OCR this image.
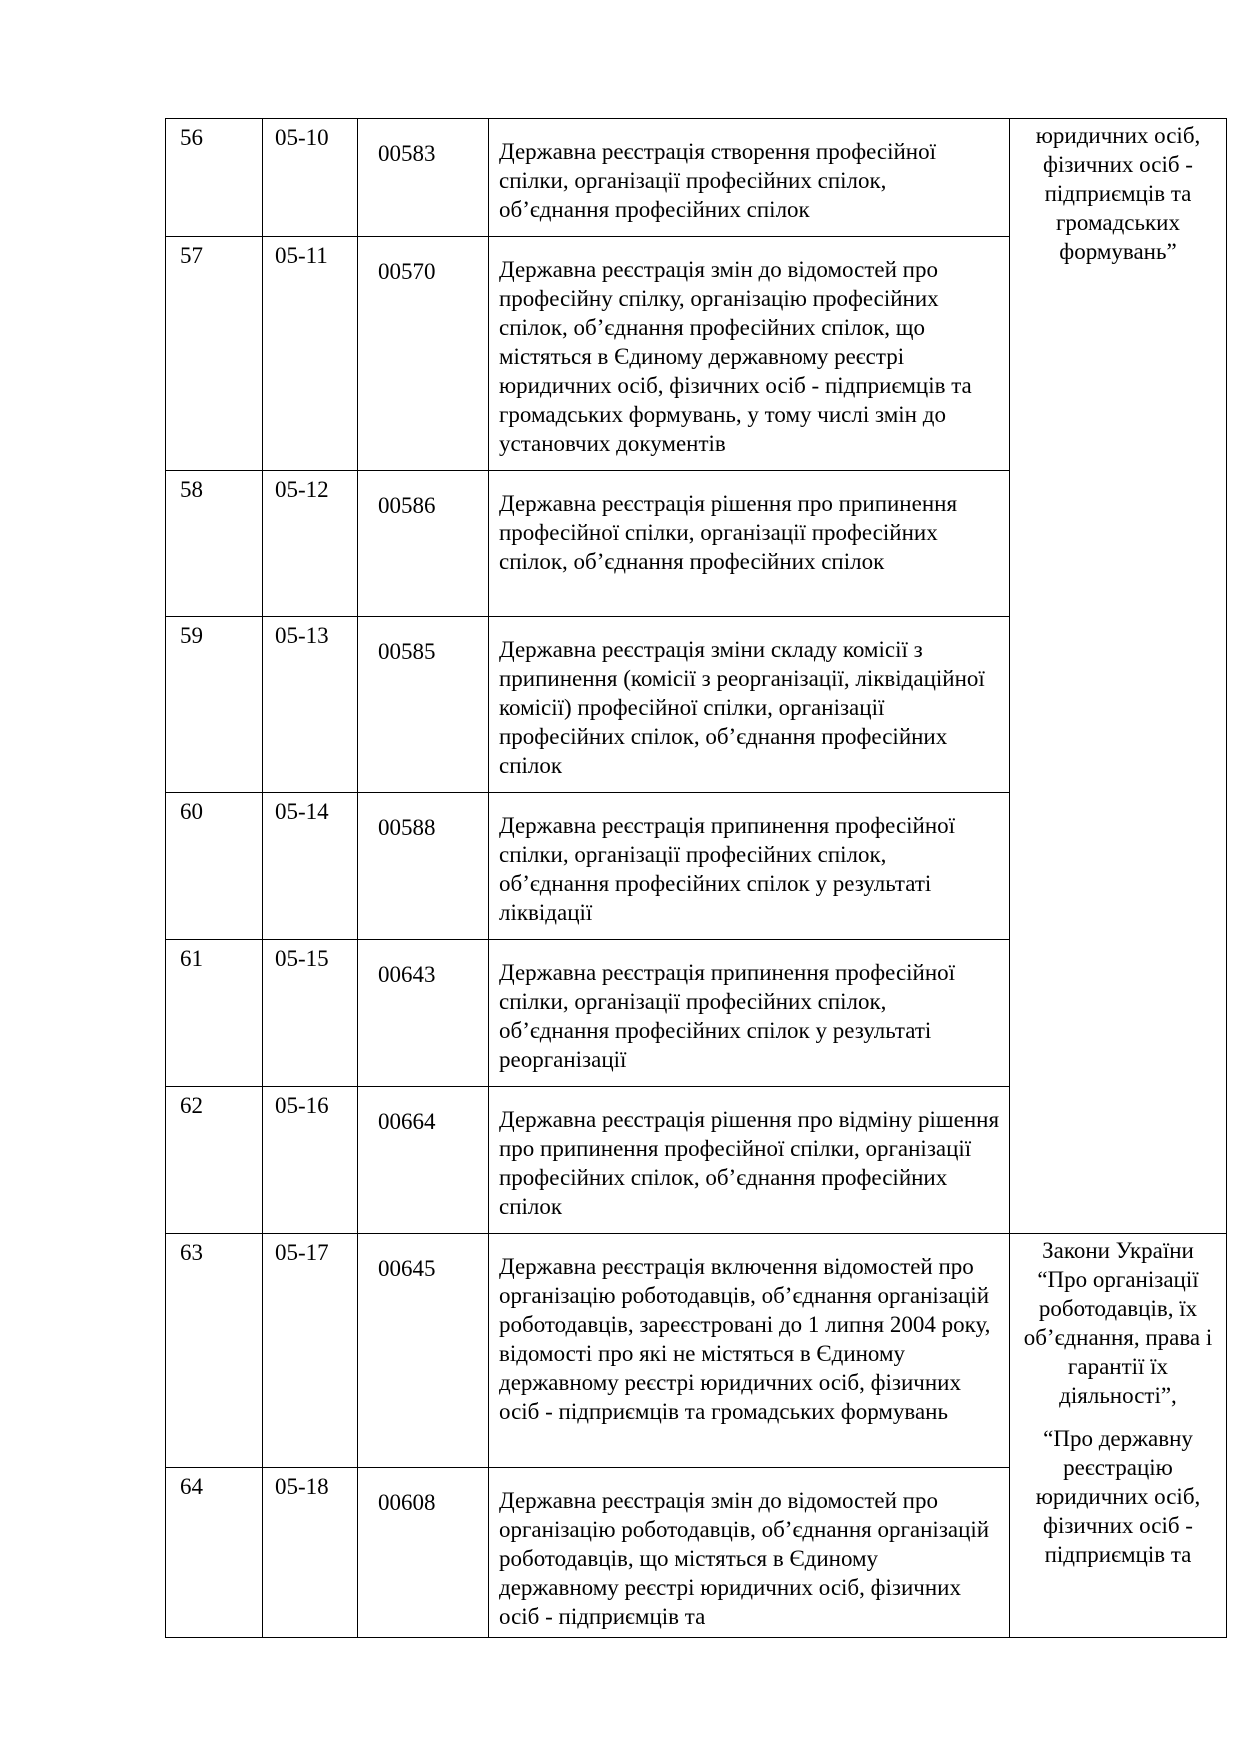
56	05-10	00583	Державна реєстрація створення професійної спілки, організації професійних спілок, об’єднання професійних спілок	юридичних осіб, фізичних осіб - підприємців та громадських формувань”

57	05-11	00570	Державна реєстрація змін до відомостей про професійну спілку, організацію професійних спілок, об’єднання професійних спілок, що містяться в Єдиному державному реєстрі юридичних осіб, фізичних осіб - підприємців та громадських формувань, у тому числі змін до установчих документів	
58	05-12	00586	Державна реєстрація рішення про припинення професійної спілки, організації професійних спілок, об’єднання професійних спілок	
59	05-13	00585	Державна реєстрація зміни складу комісії з припинення (комісії з реорганізації, ліквідаційної комісії) професійної спілки, організації професійних спілок, об’єднання професійних спілок	
60	05-14	00588	Державна реєстрація припинення професійної спілки, організації професійних спілок, об’єднання професійних спілок у результаті ліквідації	
61	05-15	00643	Державна реєстрація припинення професійної спілки, організації професійних спілок, об’єднання професійних спілок у результаті реорганізації	
62	05-16	00664	Державна реєстрація рішення про відміну рішення про припинення професійної спілки, організації професійних спілок, об’єднання професійних спілок	
63	05-17	00645	Державна реєстрація включення відомостей про організацію роботодавців, об’єднання організацій роботодавців, зареєстровані до 1 липня 2004 року, відомості про які не містяться в Єдиному державному реєстрі юридичних осіб, фізичних осіб - підприємців та громадських формувань	Закони України “Про організації роботодавців, їх об’єднання, права і гарантії їх діяльності”,
“Про державну реєстрацію юридичних осіб, фізичних осіб - підприємців та

64	05-18	00608	Державна реєстрація змін до відомостей про організацію роботодавців, об’єднання організацій роботодавців, що містяться в Єдиному державному реєстрі юридичних осіб, фізичних осіб - підприємців та	
